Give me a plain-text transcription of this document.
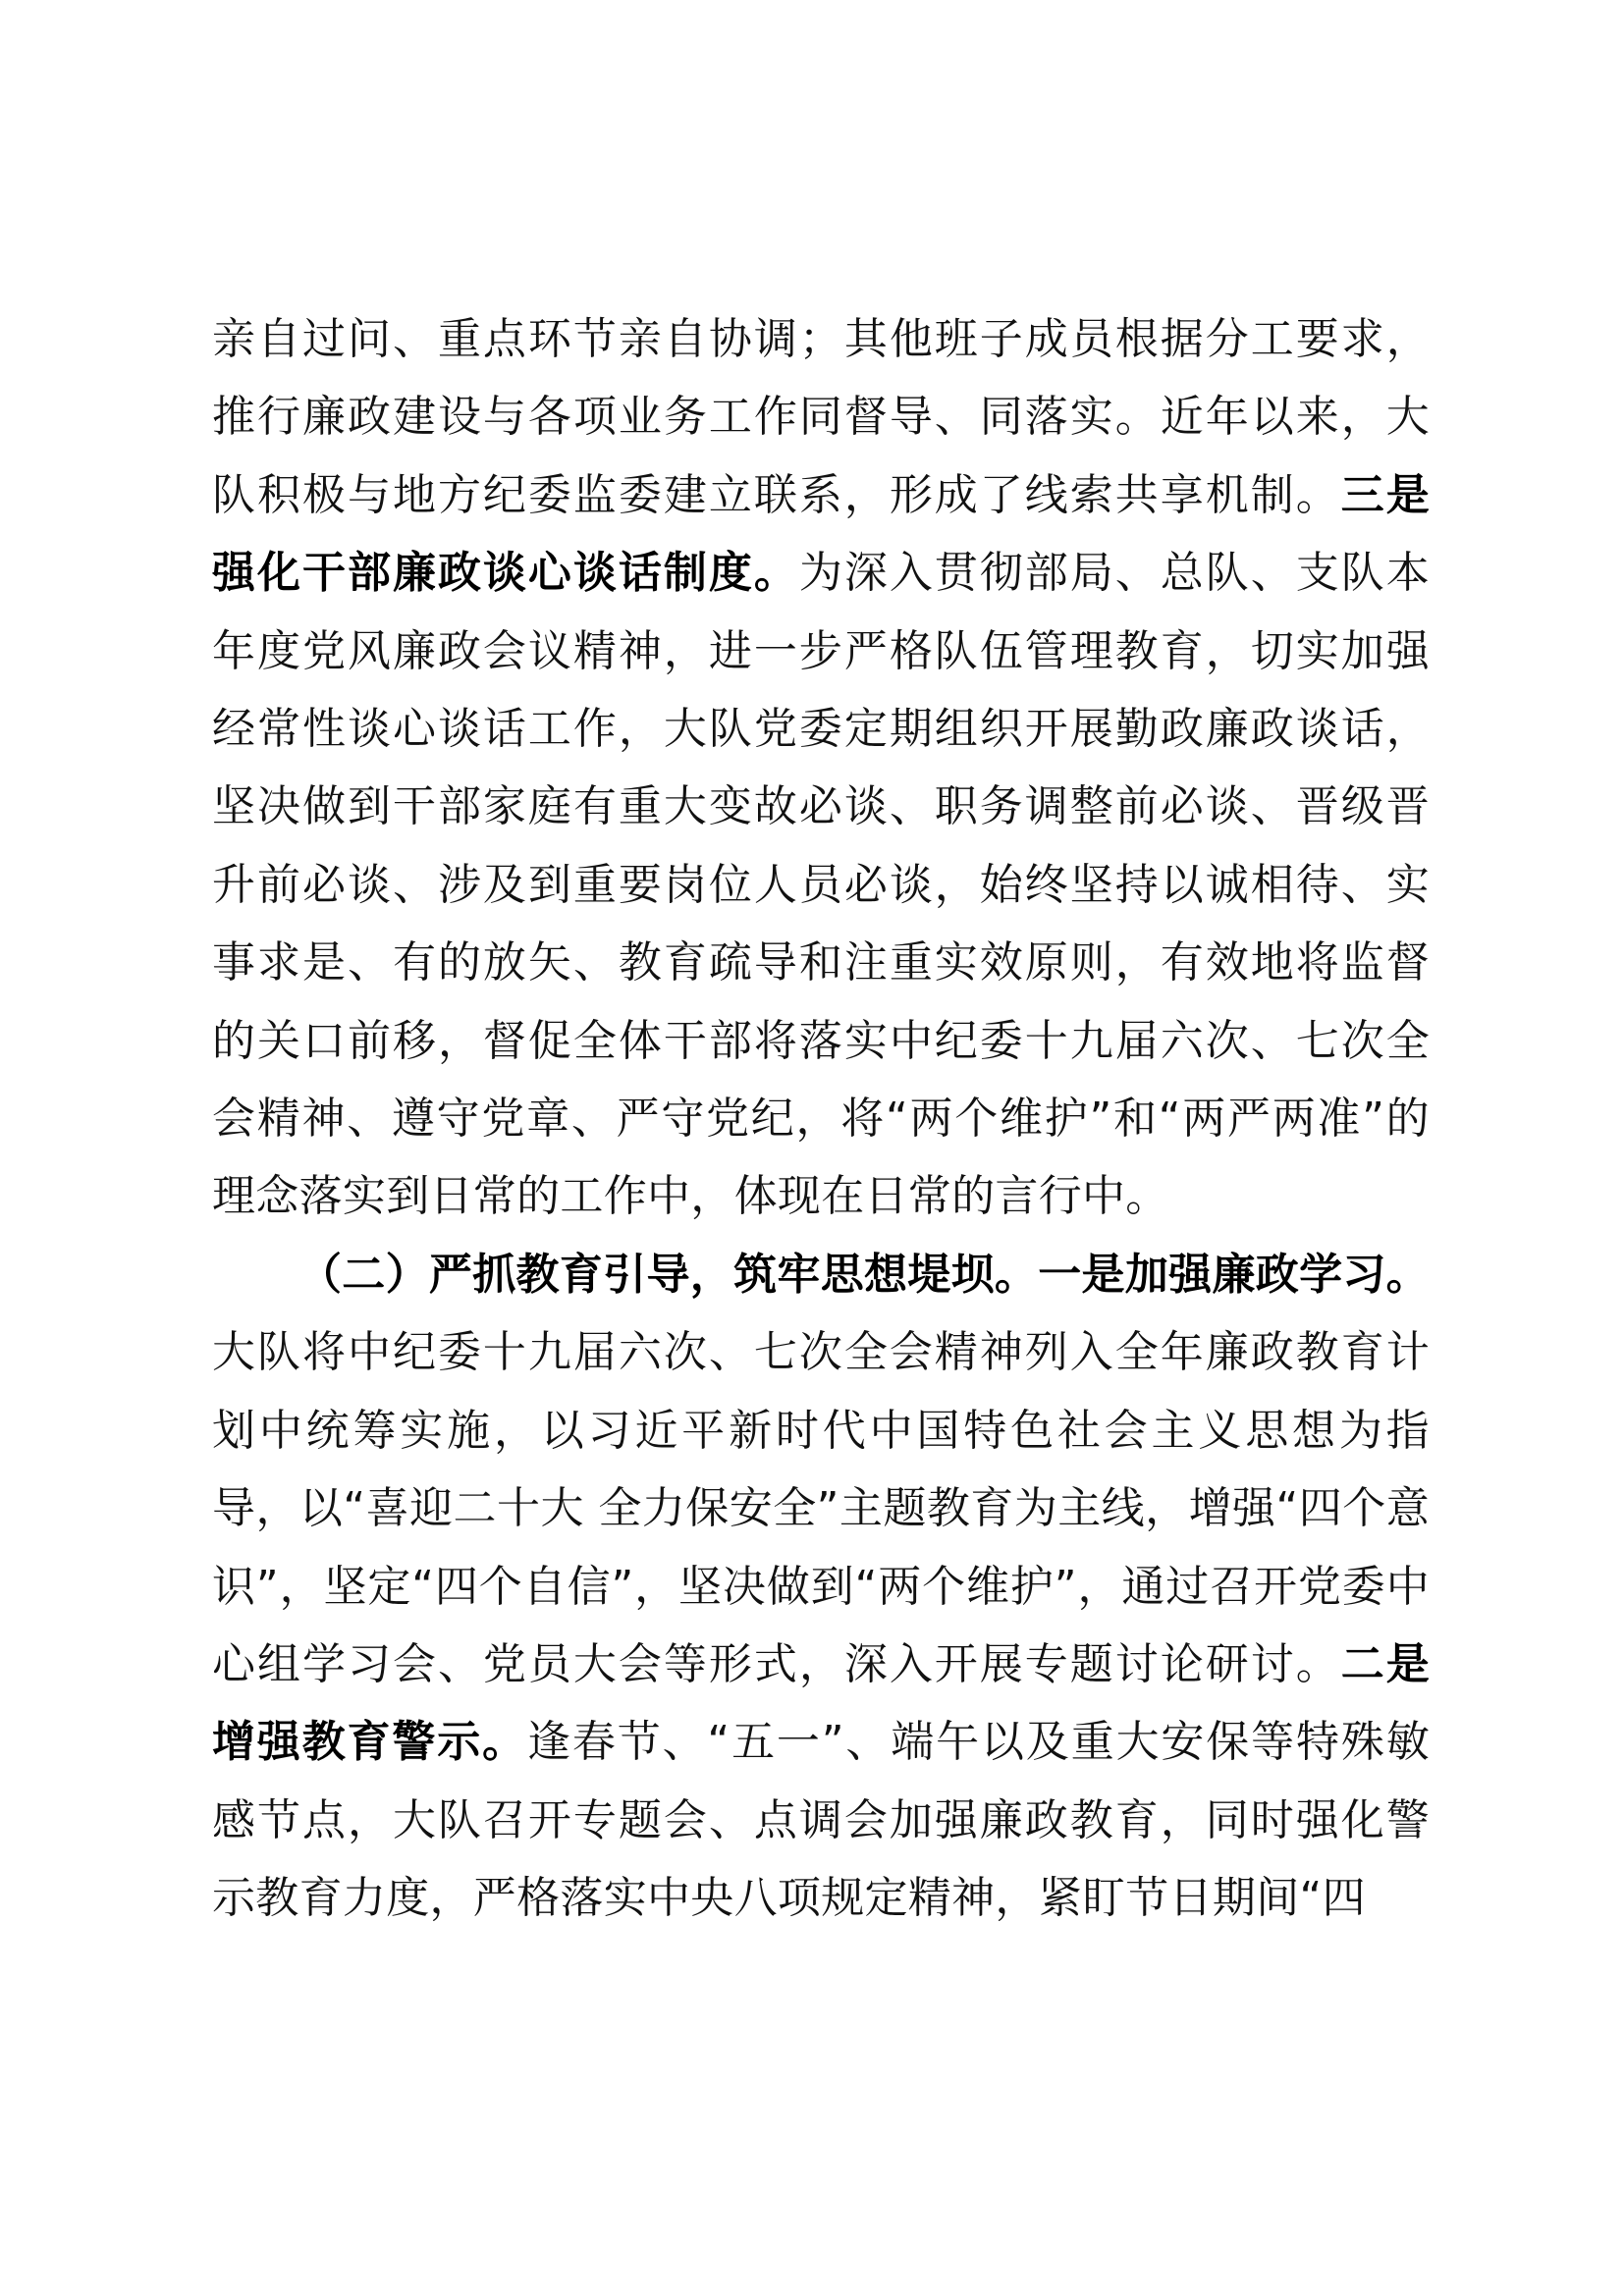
亲自过问、重点环节亲自协调；其他班子成员根据分工要求，推行廉政建设与各项业务工作同督导、同落实。近年以来，大队积极与地方纪委监委建立联系，形成了线索共享机制。三是强化干部廉政谈心谈话制度。为深入贯彻部局、总队、支队本年度党风廉政会议精神，进一步严格队伍管理教育，切实加强经常性谈心谈话工作，大队党委定期组织开展勤政廉政谈话，坚决做到干部家庭有重大变故必谈、职务调整前必谈、晋级晋升前必谈、涉及到重要岗位人员必谈，始终坚持以诚相待、实事求是、有的放矢、教育疏导和注重实效原则，有效地将监督的关口前移，督促全体干部将落实中纪委十九届六次、七次全会精神、遵守党章、严守党纪，将“两个维护”和“两严两准”的理念落实到日常的工作中，体现在日常的言行中。

（二）严抓教育引导，筑牢思想堤坝。一是加强廉政学习。大队将中纪委十九届六次、七次全会精神列入全年廉政教育计划中统筹实施，以习近平新时代中国特色社会主义思想为指导，以“喜迎二十大 全力保安全”主题教育为主线，增强“四个意识”，坚定“四个自信”，坚决做到“两个维护”，通过召开党委中心组学习会、党员大会等形式，深入开展专题讨论研讨。二是增强教育警示。逢春节、“五一”、端午以及重大安保等特殊敏感节点，大队召开专题会、点调会加强廉政教育，同时强化警示教育力度，严格落实中央八项规定精神，紧盯节日期间“四
